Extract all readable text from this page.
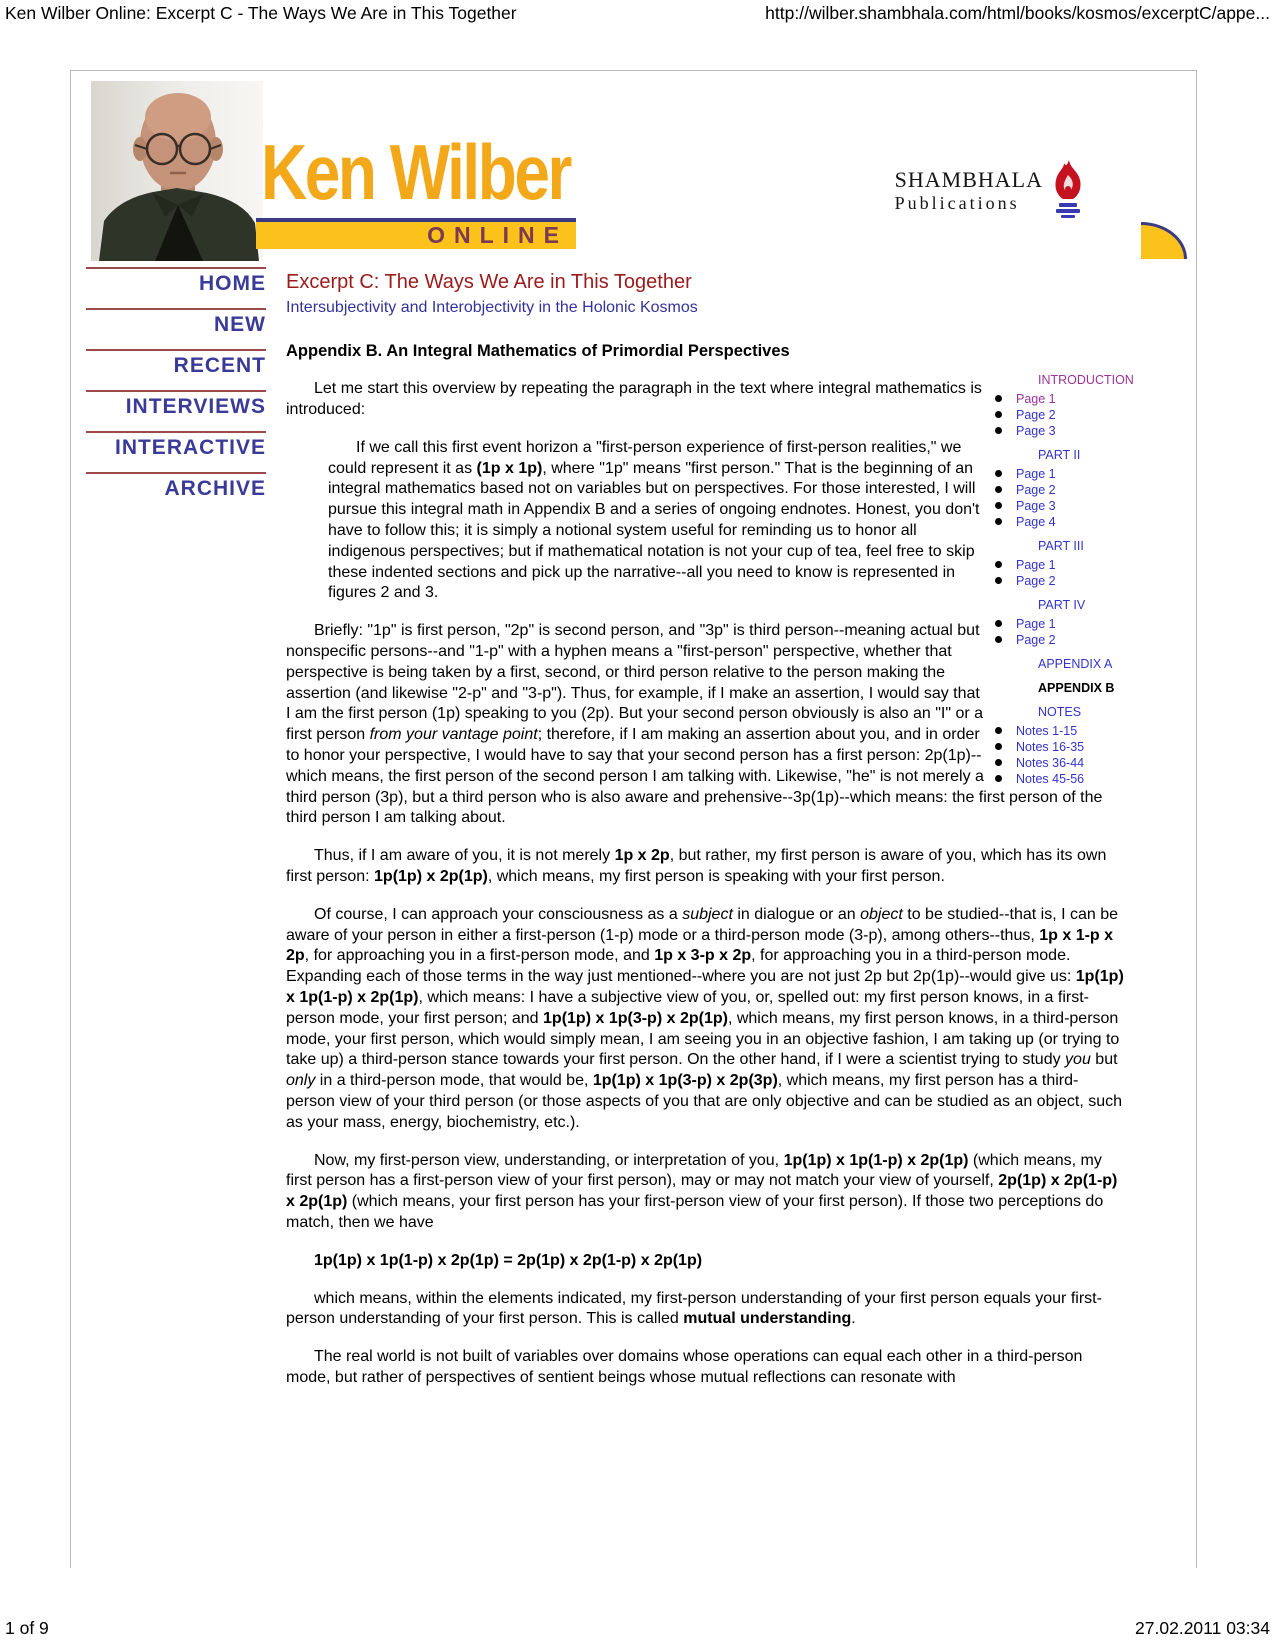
Ken Wilber Online: Excerpt C - The Ways We Are in This Together	http://wilber.shambhala.com/html/books/kosmos/excerptC/appe...
Ken Wilber
ONLINE
SHAMBHALA
Publications
HOME
NEW
RECENT
INTERVIEWS
INTERACTIVE
ARCHIVE
Excerpt C: The Ways We Are in This Together
Intersubjectivity and Interobjectivity in the Holonic Kosmos
Appendix B. An Integral Mathematics of Primordial Perspectives
INTRODUCTION
Page 1
Page 2
Page 3
PART II
Page 1
Page 2
Page 3
Page 4
PART III
Page 1
Page 2
PART IV
Page 1
Page 2
APPENDIX A
APPENDIX B
NOTES
Notes 1-15
Notes 16-35
Notes 36-44
Notes 45-56

Let me start this overview by repeating the paragraph in the text where integral mathematics is introduced:

If we call this first event horizon a "first-person experience of first-person realities," we could represent it as (1p x 1p), where "1p" means "first person." That is the beginning of an integral mathematics based not on variables but on perspectives. For those interested, I will pursue this integral math in Appendix B and a series of ongoing endnotes. Honest, you don't have to follow this; it is simply a notional system useful for reminding us to honor all indigenous perspectives; but if mathematical notation is not your cup of tea, feel free to skip these indented sections and pick up the narrative--all you need to know is represented in figures 2 and 3.

Briefly: "1p" is first person, "2p" is second person, and "3p" is third person--meaning actual but nonspecific persons--and "1-p" with a hyphen means a "first-person" perspective, whether that perspective is being taken by a first, second, or third person relative to the person making the assertion (and likewise "2-p" and "3-p"). Thus, for example, if I make an assertion, I would say that I am the first person (1p) speaking to you (2p). But your second person obviously is also an "I" or a first person from your vantage point; therefore, if I am making an assertion about you, and in order to honor your perspective, I would have to say that your second person has a first person: 2p(1p)--which means, the first person of the second person I am talking with. Likewise, "he" is not merely a third person (3p), but a third person who is also aware and prehensive--3p(1p)--which means: the first person of the third person I am talking about.

Thus, if I am aware of you, it is not merely 1p x 2p, but rather, my first person is aware of you, which has its own first person: 1p(1p) x 2p(1p), which means, my first person is speaking with your first person.

Of course, I can approach your consciousness as a subject in dialogue or an object to be studied--that is, I can be aware of your person in either a first-person (1-p) mode or a third-person mode (3-p), among others--thus, 1p x 1-p x 2p, for approaching you in a first-person mode, and 1p x 3-p x 2p, for approaching you in a third-person mode. Expanding each of those terms in the way just mentioned--where you are not just 2p but 2p(1p)--would give us: 1p(1p) x 1p(1-p) x 2p(1p), which means: I have a subjective view of you, or, spelled out: my first person knows, in a first-person mode, your first person; and 1p(1p) x 1p(3-p) x 2p(1p), which means, my first person knows, in a third-person mode, your first person, which would simply mean, I am seeing you in an objective fashion, I am taking up (or trying to take up) a third-person stance towards your first person. On the other hand, if I were a scientist trying to study you but only in a third-person mode, that would be, 1p(1p) x 1p(3-p) x 2p(3p), which means, my first person has a third-person view of your third person (or those aspects of you that are only objective and can be studied as an object, such as your mass, energy, biochemistry, etc.).

Now, my first-person view, understanding, or interpretation of you, 1p(1p) x 1p(1-p) x 2p(1p) (which means, my first person has a first-person view of your first person), may or may not match your view of yourself, 2p(1p) x 2p(1-p) x 2p(1p) (which means, your first person has your first-person view of your first person). If those two perceptions do match, then we have

1p(1p) x 1p(1-p) x 2p(1p) = 2p(1p) x 2p(1-p) x 2p(1p)

which means, within the elements indicated, my first-person understanding of your first person equals your first-person understanding of your first person. This is called mutual understanding.

The real world is not built of variables over domains whose operations can equal each other in a third-person mode, but rather of perspectives of sentient beings whose mutual reflections can resonate with

1 of 9	27.02.2011 03:34
